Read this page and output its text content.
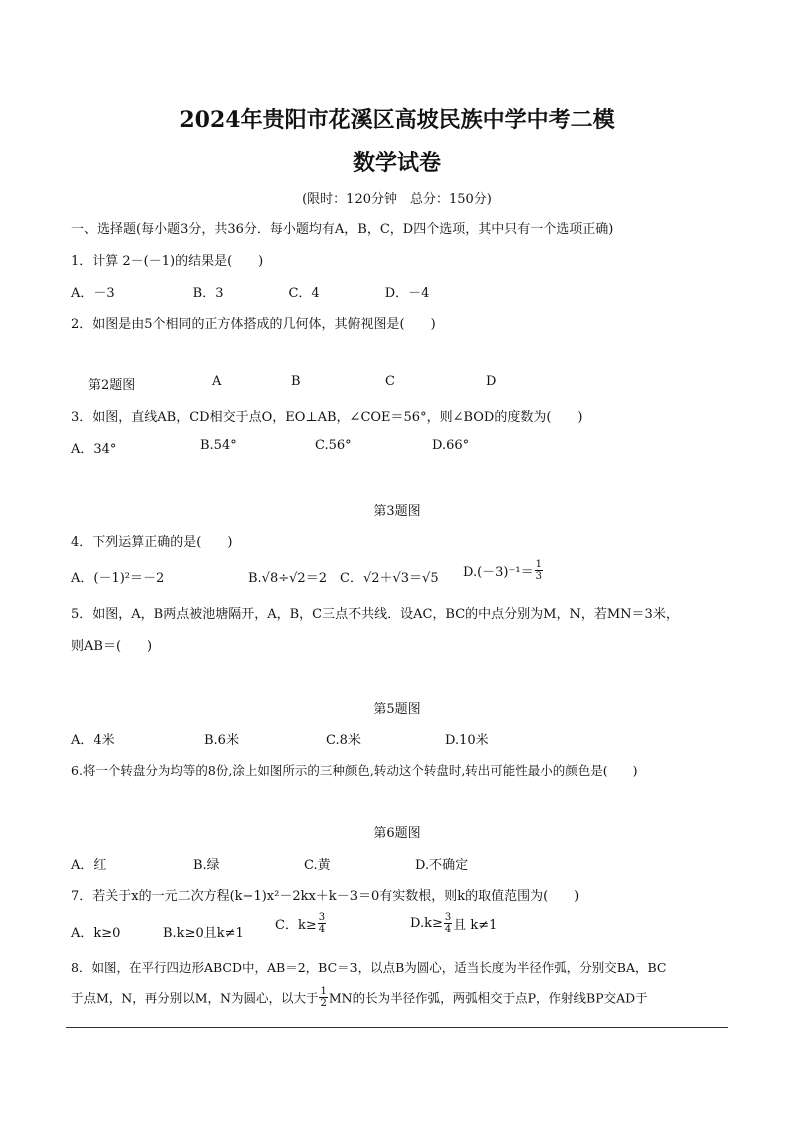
2024年贵阳市花溪区高坡民族中学中考二模
数学试卷
(限时：120分钟　总分：150分)
一、选择题(每小题3分，共36分．每小题均有A，B，C，D四个选项，其中只有一个选项正确)
1．计算 2－(－1)的结果是(　　)
A．－3　　　　　　B．3　　　　　C．4　　　　　D．－4
2．如图是由5个相同的正方体搭成的几何体，其俯视图是(　　)
第2题图	A	B	C	D
3．如图，直线AB，CD相交于点O，EO⊥AB，∠COE＝56°，则∠BOD的度数为(　　)
A．34°	B.54°	C.56°	D.66°
第3题图
4．下列运算正确的是(　　)
A．(－1)²＝－2	B.√8÷√2＝2 C．√2＋√3＝√5 $D.(-3)^{-1}= \frac{1}{3}$
5．如图，A，B两点被池塘隔开，A，B，C三点不共线．设AC，BC的中点分别为M，N，若MN＝3米，
则AB＝(　　)
第5题图
A．4米	B.6米	C.8米	D.10米
6.将一个转盘分为均等的8份,涂上如图所示的三种颜色,转动这个转盘时,转出可能性最小的颜色是(　　)
第6题图
A．红	B.绿	C.黄	D.不确定
7．若关于x的一元二次方程(k−1)x²－2kx＋k－3＝0有实数根，则k的取值范围为(　　)
A．k≥0	B.k≥0且k≠1
C．$k\ge \frac{3}{4}$	$D.k\ge \frac{3}{4}$ 且 k≠1
8．如图，在平行四边形ABCD中，AB＝2，BC＝3，以点B为圆心，适当长度为半径作弧，分别交BA，BC
于点M，N，再分别以M，N为圆心，以大于 $\frac{1}{2}$ MN的长为半径作弧，两弧相交于点P，作射线BP交AD于
